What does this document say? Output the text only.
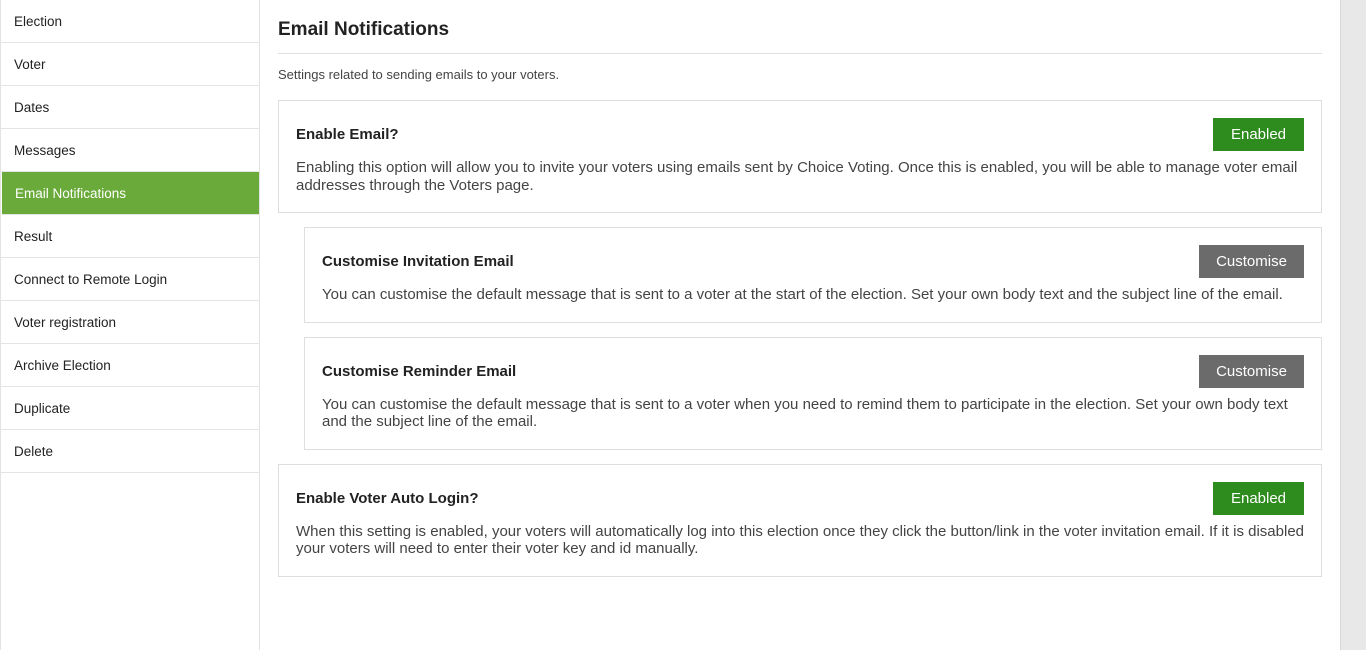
Election
Voter
Dates
Messages
Email Notifications
Result
Connect to Remote Login
Voter registration
Archive Election
Duplicate
Delete
Email Notifications
Settings related to sending emails to your voters.
Enable Email?	Enabled
Enabling this option will allow you to invite your voters using emails sent by Choice Voting. Once this is enabled, you will be able to manage voter email addresses through the Voters page.
Customise Invitation Email	Customise
You can customise the default message that is sent to a voter at the start of the election. Set your own body text and the subject line of the email.
Customise Reminder Email	Customise
You can customise the default message that is sent to a voter when you need to remind them to participate in the election. Set your own body text and the subject line of the email.
Enable Voter Auto Login?	Enabled
When this setting is enabled, your voters will automatically log into this election once they click the button/link in the voter invitation email. If it is disabled your voters will need to enter their voter key and id manually.
